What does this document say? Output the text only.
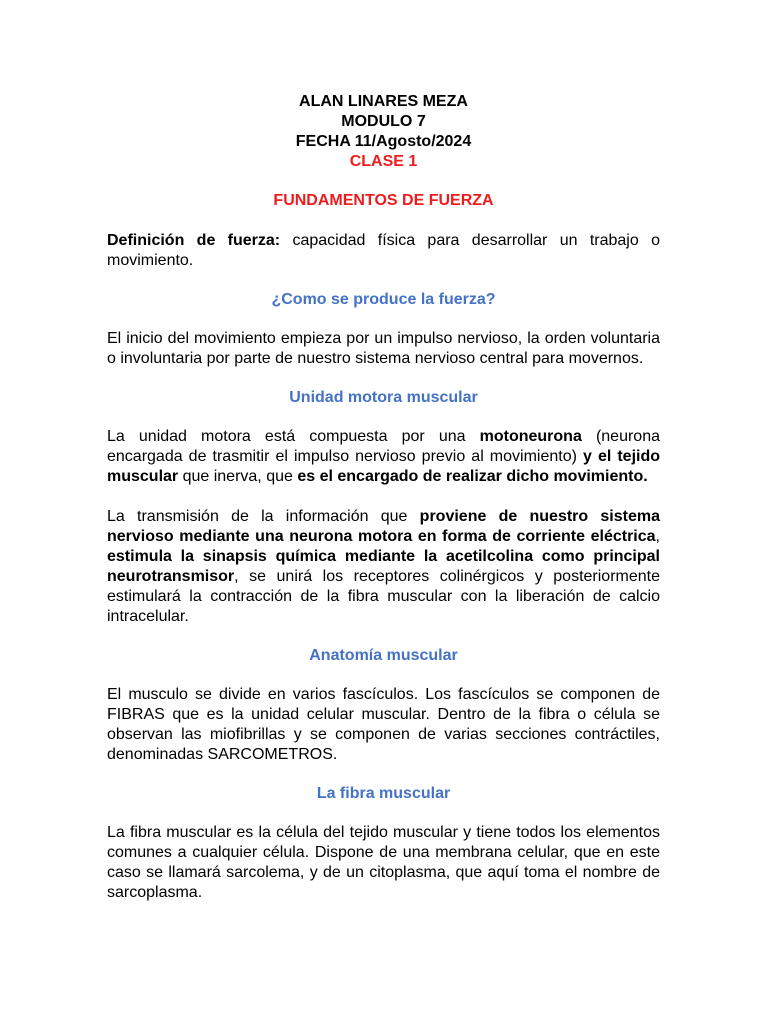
ALAN LINARES MEZA
MODULO 7
FECHA 11/Agosto/2024
CLASE 1
FUNDAMENTOS DE FUERZA

Definición de fuerza: capacidad física para desarrollar un trabajo o movimiento.

¿Como se produce la fuerza?

El inicio del movimiento empieza por un impulso nervioso, la orden voluntaria o involuntaria por parte de nuestro sistema nervioso central para movernos.

Unidad motora muscular

La unidad motora está compuesta por una motoneurona (neurona encargada de trasmitir el impulso nervioso previo al movimiento) y el tejido muscular que inerva, que es el encargado de realizar dicho movimiento.

La transmisión de la información que proviene de nuestro sistema nervioso mediante una neurona motora en forma de corriente eléctrica, estimula la sinapsis química mediante la acetilcolina como principal neurotransmisor, se unirá los receptores colinérgicos y posteriormente estimulará la contracción de la fibra muscular con la liberación de calcio intracelular.

Anatomía muscular

El musculo se divide en varios fascículos. Los fascículos se componen de FIBRAS que es la unidad celular muscular. Dentro de la fibra o célula se observan las miofibrillas y se componen de varias secciones contráctiles, denominadas SARCOMETROS.

La fibra muscular

La fibra muscular es la célula del tejido muscular y tiene todos los elementos comunes a cualquier célula. Dispone de una membrana celular, que en este caso se llamará sarcolema, y de un citoplasma, que aquí toma el nombre de sarcoplasma.
